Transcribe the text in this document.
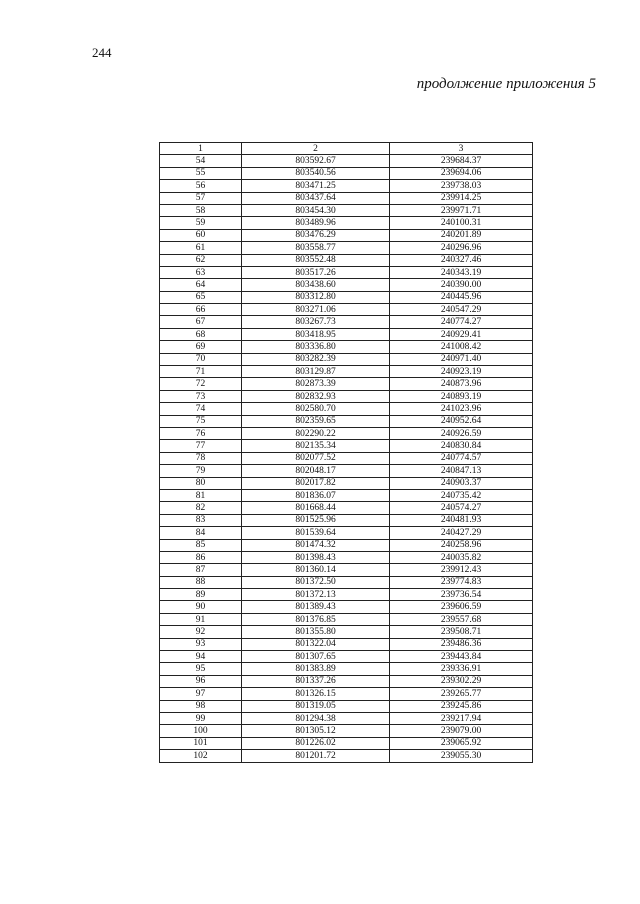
244
продолжение приложения 5
1	2	3
54	803592.67	239684.37
55	803540.56	239694.06
56	803471.25	239738.03
57	803437.64	239914.25
58	803454.30	239971.71
59	803489.96	240100.31
60	803476.29	240201.89
61	803558.77	240296.96
62	803552.48	240327.46
63	803517.26	240343.19
64	803438.60	240390.00
65	803312.80	240445.96
66	803271.06	240547.29
67	803267.73	240774.27
68	803418.95	240929.41
69	803336.80	241008.42
70	803282.39	240971.40
71	803129.87	240923.19
72	802873.39	240873.96
73	802832.93	240893.19
74	802580.70	241023.96
75	802359.65	240952.64
76	802290.22	240926.59
77	802135.34	240830.84
78	802077.52	240774.57
79	802048.17	240847.13
80	802017.82	240903.37
81	801836.07	240735.42
82	801668.44	240574.27
83	801525.96	240481.93
84	801539.64	240427.29
85	801474.32	240258.96
86	801398.43	240035.82
87	801360.14	239912.43
88	801372.50	239774.83
89	801372.13	239736.54
90	801389.43	239606.59
91	801376.85	239557.68
92	801355.80	239508.71
93	801322.04	239486.36
94	801307.65	239443.84
95	801383.89	239336.91
96	801337.26	239302.29
97	801326.15	239265.77
98	801319.05	239245.86
99	801294.38	239217.94
100	801305.12	239079.00
101	801226.02	239065.92
102	801201.72	239055.30
